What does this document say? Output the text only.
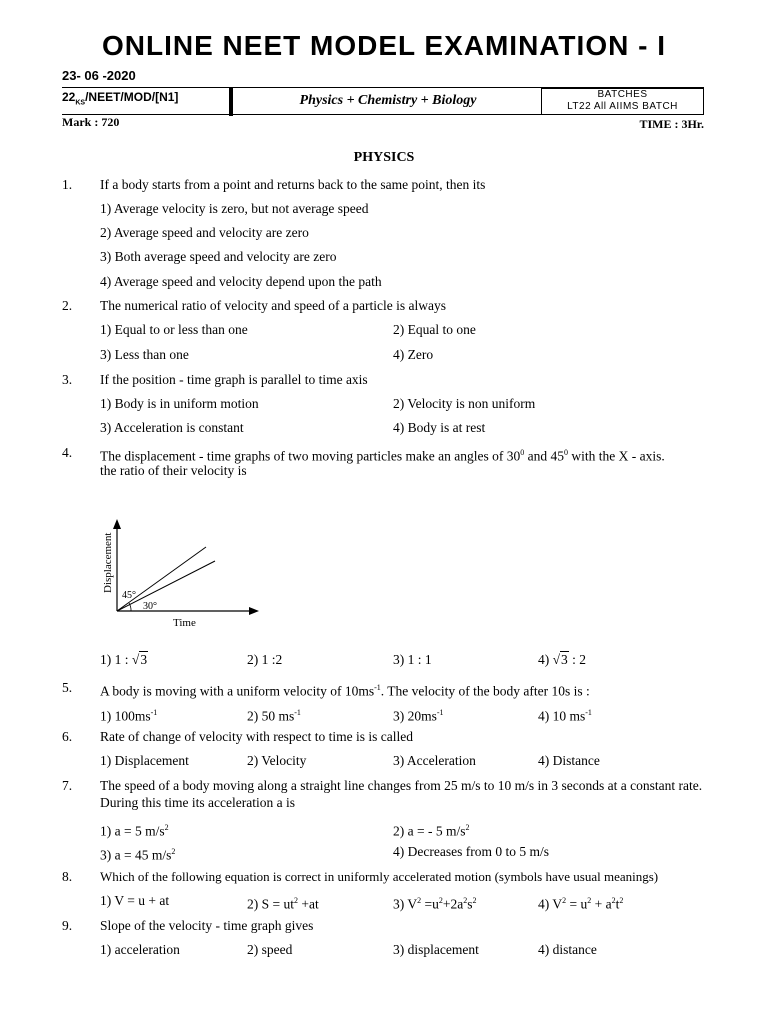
ONLINE NEET MODEL EXAMINATION - I
23- 06 -2020
$22_{KS}/NEET/MOD/[N1]$	Physics + Chemistry + Biology	BATCHES
LT22 All AIIMS BATCH
Mark : 720	TIME : 3Hr.
PHYSICS
1. If a body starts from a point and returns back to the same point, then its
1) Average velocity is zero, but not average speed
2) Average speed and velocity are zero
3) Both average speed and velocity are zero
4) Average speed and velocity depend upon the path
2. The numerical ratio of velocity and speed of a particle is always
1) Equal to or less than one	2) Equal to one
3) Less than one	4) Zero
3. If the position - time graph is parallel to time axis
1) Body is in uniform motion	2) Velocity is non uniform
3) Acceleration is constant	4) Body is at rest
4. The displacement - time graphs of two moving particles make an angles of $30^0$ and $45^0$ with the X - axis.
the ratio of their velocity is
45°
30°
Time
Displacement
1) 1 : √3	2) 1 :2	3) 1 : 1	4) √3 : 2
5. A body is moving with a uniform velocity of $10ms^{-1}$. The velocity of the body after 10s is :
1) $100ms^{-1}$	2) 50 $ms^{-1}$	3) $20ms^{-1}$	4) 10 $ms^{-1}$
6. Rate of change of velocity with respect to time is is called
1) Displacement	2) Velocity	3) Acceleration	4) Distance
7. The speed of a body moving along a straight line changes from 25 m/s to 10 m/s in 3 seconds at a constant rate. During this time its acceleration a is
1) a = 5 $m/s^2$	2) a = - 5 $m/s^2$
3) a = 45 $m/s^2$	4) Decreases from 0 to 5 m/s
8. Which of the following equation is correct in uniformly accelerated motion (symbols have usual meanings)
1) V = u + at	2) $S = ut^2 +at$	3) $V^2 =u^2+2a^2s^2$	4) $V^2 = u^2 + a^2t^2$
9. Slope of the velocity - time graph gives
1) acceleration	2) speed	3) displacement	4) distance
